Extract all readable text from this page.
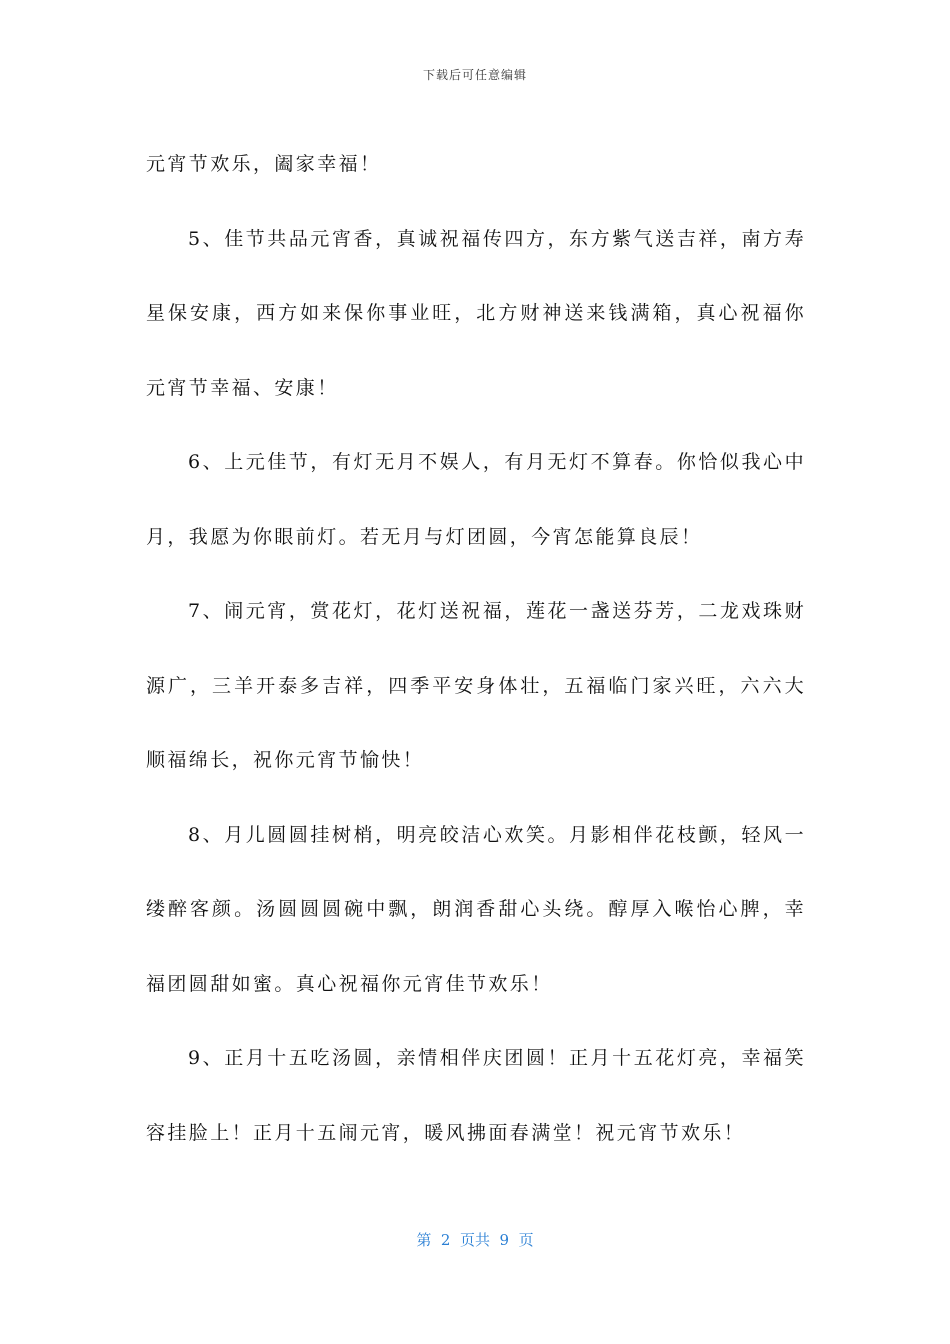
下载后可任意编辑

元宵节欢乐，阖家幸福！

5、佳节共品元宵香，真诚祝福传四方，东方紫气送吉祥，南方寿星保安康，西方如来保你事业旺，北方财神送来钱满箱，真心祝福你元宵节幸福、安康！

6、上元佳节，有灯无月不娱人，有月无灯不算春。你恰似我心中月，我愿为你眼前灯。若无月与灯团圆，今宵怎能算良辰！

7、闹元宵，赏花灯，花灯送祝福，莲花一盏送芬芳，二龙戏珠财源广，三羊开泰多吉祥，四季平安身体壮，五福临门家兴旺，六六大顺福绵长，祝你元宵节愉快！

8、月儿圆圆挂树梢，明亮皎洁心欢笑。月影相伴花枝颤，轻风一缕醉客颜。汤圆圆圆碗中飘，朗润香甜心头绕。醇厚入喉怡心脾，幸福团圆甜如蜜。真心祝福你元宵佳节欢乐！

9、正月十五吃汤圆，亲情相伴庆团圆！正月十五花灯亮，幸福笑容挂脸上！正月十五闹元宵，暖风拂面春满堂！祝元宵节欢乐！

第  2  页共  9  页
